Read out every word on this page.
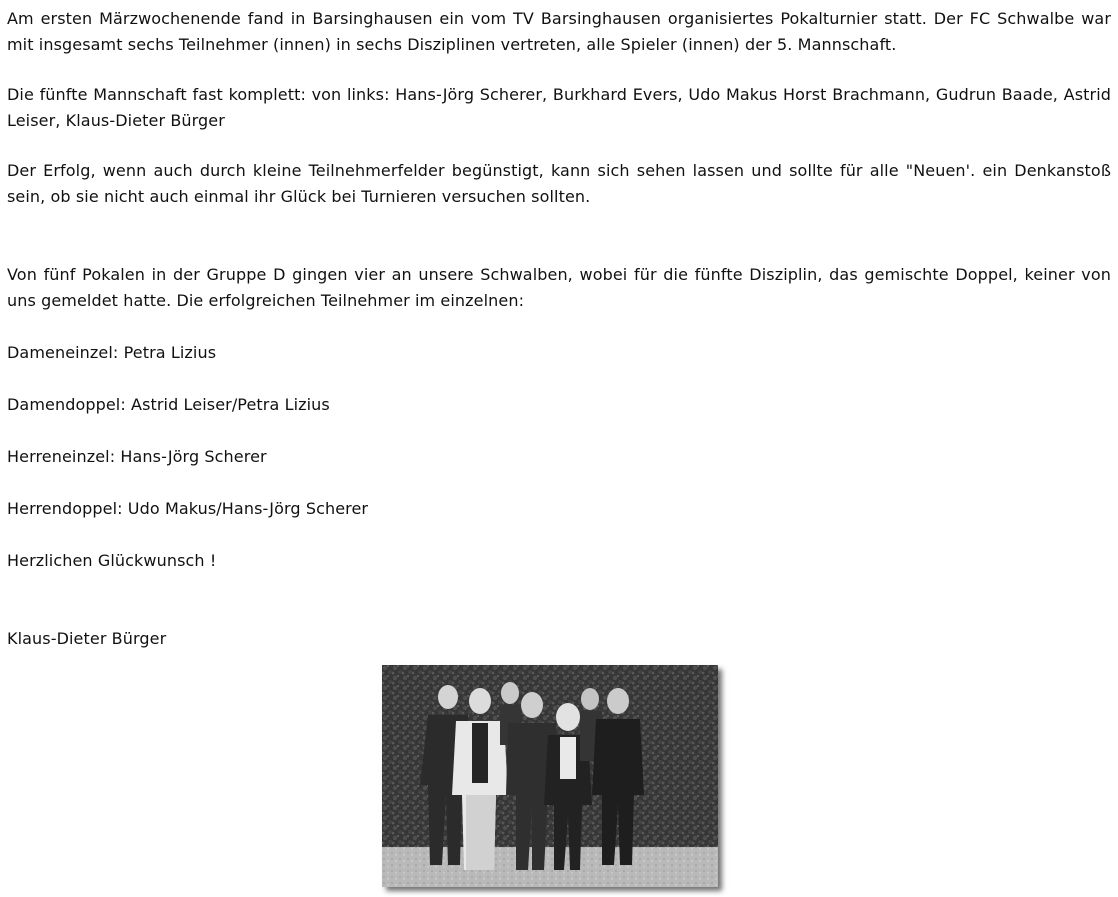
Am ersten Märzwochenende fand in Barsinghausen ein vom TV Barsinghausen organisiertes Pokalturnier statt. Der FC Schwalbe war mit insgesamt sechs Teilnehmer (innen) in sechs Disziplinen vertreten, alle Spieler (innen) der 5. Mannschaft.

Die fünfte Mannschaft fast komplett: von links: Hans-Jörg Scherer, Burkhard Evers, Udo Makus Horst Brachmann, Gudrun Baade, Astrid Leiser, Klaus-Dieter Bürger

Der Erfolg, wenn auch durch kleine Teilnehmerfelder begünstigt, kann sich sehen lassen und sollte für alle "Neuen'. ein Denkanstoß sein, ob sie nicht auch einmal ihr Glück bei Turnieren versuchen sollten.

Von fünf Pokalen in der Gruppe D gingen vier an unsere Schwalben, wobei für die fünfte Disziplin, das gemischte Doppel, keiner von uns gemeldet hatte. Die erfolgreichen Teilnehmer im einzelnen:

Dameneinzel: Petra Lizius

Damendoppel: Astrid Leiser/Petra Lizius

Herreneinzel: Hans-Jörg Scherer

Herrendoppel: Udo Makus/Hans-Jörg Scherer

Herzlichen Glückwunsch !

Klaus-Dieter Bürger
